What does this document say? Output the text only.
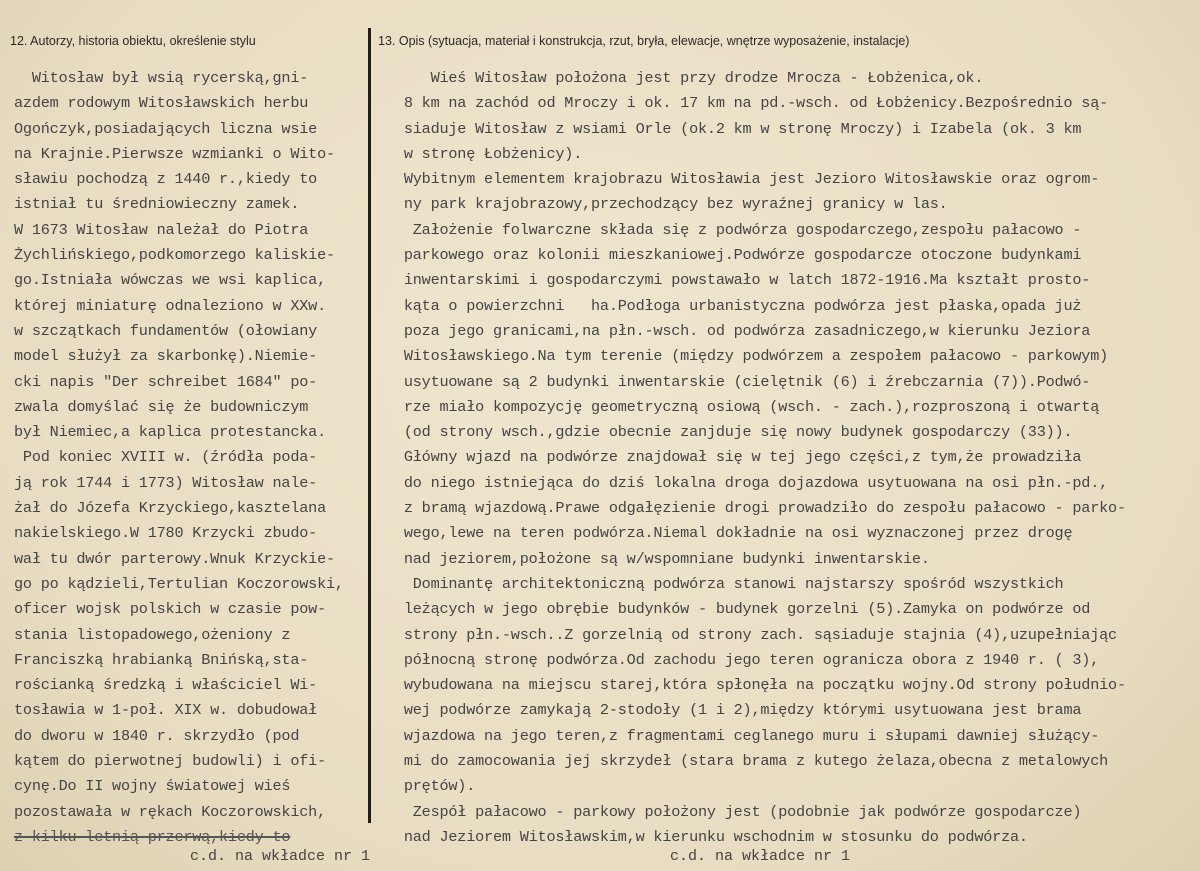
12. Autorzy, historia obiektu, określenie stylu	13. Opis (sytuacja, materiał i konstrukcja, rzut, bryła, elewacje, wnętrze wyposażenie, instalacje)
Witosław był wsią rycerską,gni-
azdem rodowym Witosławskich herbu
Ogończyk,posiadających liczna wsie
na Krajnie.Pierwsze wzmianki o Wito-
sławiu pochodzą z 1440 r.,kiedy to
istniał tu średniowieczny zamek.
W 1673 Witosław należał do Piotra
Żychlińskiego,podkomorzego kaliskie-
go.Istniała wówczas we wsi kaplica,
której miniaturę odnaleziono w XXw.
w szczątkach fundamentów (ołowiany
model służył za skarbonkę).Niemie-
cki napis "Der schreibet 1684" po-
zwala domyślać się że budowniczym
był Niemiec,a kaplica protestancka.
Pod koniec XVIII w. (źródła poda-
ją rok 1744 i 1773) Witosław nale-
żał do Józefa Krzyckiego,kasztelana
nakielskiego.W 1780 Krzycki zbudo-
wał tu dwór parterowy.Wnuk Krzyckie-
go po kądzieli,Tertulian Koczorowski,
oficer wojsk polskich w czasie pow-
stania listopadowego,ożeniony z
Franciszką hrabianką Bnińską,sta-
rościanką średzką i właściciel Wi-
tosławia w 1-poł. XIX w. dobudował
do dworu w 1840 r. skrzydło (pod
kątem do pierwotnej budowli) i ofi-
cynę.Do II wojny światowej wieś
pozostawała w rękach Koczorowskich,
z kilku letnią przerwą,kiedy to
Wieś Witosław położona jest przy drodze Mrocza - Łobżenica,ok.
8 km na zachód od Mroczy i ok. 17 km na pd.-wsch. od Łobżenicy.Bezpośrednio są-
siaduje Witosław z wsiami Orle (ok.2 km w stronę Mroczy) i Izabela (ok. 3 km
w stronę Łobżenicy).
Wybitnym elementem krajobrazu Witosławia jest Jezioro Witosławskie oraz ogrom-
ny park krajobrazowy,przechodzący bez wyraźnej granicy w las.
Założenie folwarczne składa się z podwórza gospodarczego,zespołu pałacowo -
parkowego oraz kolonii mieszkaniowej.Podwórze gospodarcze otoczone budynkami
inwentarskimi i gospodarczymi powstawało w latch 1872-1916.Ma kształt prosto-
kąta o powierzchni   ha.Podłoga urbanistyczna podwórza jest płaska,opada już
poza jego granicami,na płn.-wsch. od podwórza zasadniczego,w kierunku Jeziora
Witosławskiego.Na tym terenie (między podwórzem a zespołem pałacowo - parkowym)
usytuowane są 2 budynki inwentarskie (cielętnik (6) i źrebczarnia (7)).Podwó-
rze miało kompozycję geometryczną osiową (wsch. - zach.),rozproszoną i otwartą
(od strony wsch.,gdzie obecnie zanjduje się nowy budynek gospodarczy (33)).
Główny wjazd na podwórze znajdował się w tej jego części,z tym,że prowadziła
do niego istniejąca do dziś lokalna droga dojazdowa usytuowana na osi płn.-pd.,
z bramą wjazdową.Prawe odgałęzienie drogi prowadziło do zespołu pałacowo - parko-
wego,lewe na teren podwórza.Niemal dokładnie na osi wyznaczonej przez drogę
nad jeziorem,położone są w/wspomniane budynki inwentarskie.
Dominantę architektoniczną podwórza stanowi najstarszy spośród wszystkich
leżących w jego obrębie budynków - budynek gorzelni (5).Zamyka on podwórze od
strony płn.-wsch..Z gorzelnią od strony zach. sąsiaduje stajnia (4),uzupełniając
północną stronę podwórza.Od zachodu jego teren ogranicza obora z 1940 r. ( 3),
wybudowana na miejscu starej,która spłonęła na początku wojny.Od strony południo-
wej podwórze zamykają 2-stodoły (1 i 2),między którymi usytuowana jest brama
wjazdowa na jego teren,z fragmentami ceglanego muru i słupami dawniej służący-
mi do zamocowania jej skrzydeł (stara brama z kutego żelaza,obecna z metalowych
prętów).
Zespół pałacowo - parkowy położony jest (podobnie jak podwórze gospodarcze)
nad Jeziorem Witosławskim,w kierunku wschodnim w stosunku do podwórza.
c.d. na wkładce nr 1	c.d. na wkładce nr 1
